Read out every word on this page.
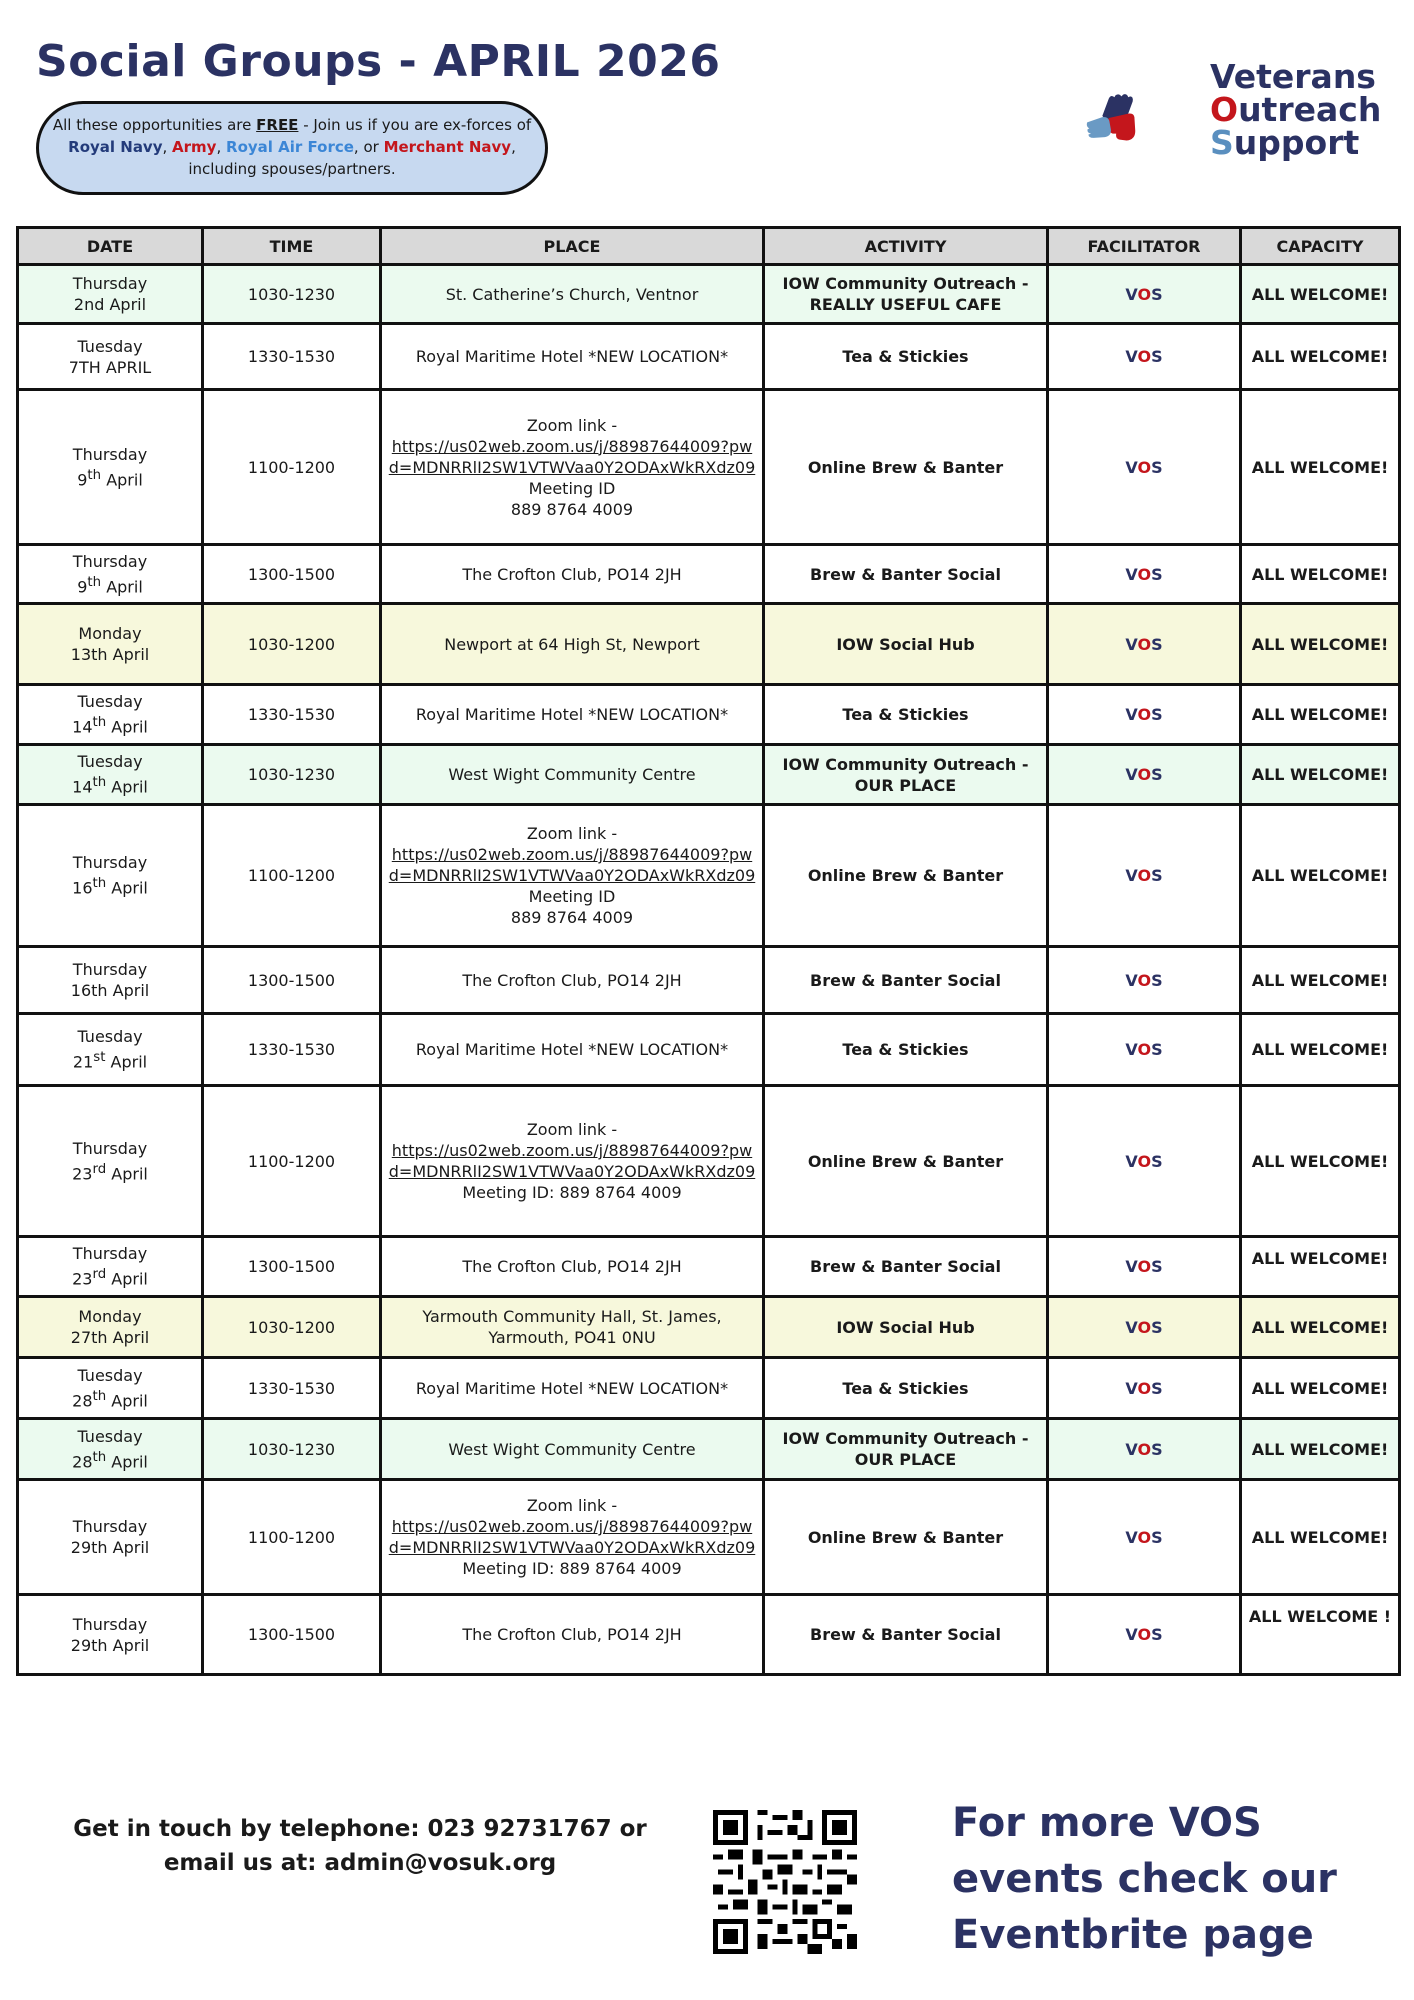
Social Groups - APRIL 2026
All these opportunities are FREE - Join us if you are ex-forces of
Royal Navy, Army, Royal Air Force, or Merchant Navy,
including spouses/partners.
Veterans
Outreach
Support
DATE	TIME	PLACE	ACTIVITY	FACILITATOR	CAPACITY
Thursday
2nd April	1030-1230	St. Catherine’s Church, Ventnor	IOW Community Outreach - REALLY USEFUL CAFE	VOS	ALL WELCOME!
Tuesday
7TH APRIL	1330-1530	Royal Maritime Hotel *NEW LOCATION*	Tea & Stickies	VOS	ALL WELCOME!
Thursday
9th April	1100-1200	Zoom link -
https://us02web.zoom.us/j/88987644009?pwd=MDNRRlI2SW1VTWVaa0Y2ODAxWkRXdz09
Meeting ID
889 8764 4009	Online Brew & Banter	VOS	ALL WELCOME!
Thursday
9th April	1300-1500	The Crofton Club, PO14 2JH	Brew & Banter Social	VOS	ALL WELCOME!
Monday
13th April	1030-1200	Newport at 64 High St, Newport	IOW Social Hub	VOS	ALL WELCOME!
Tuesday
14th April	1330-1530	Royal Maritime Hotel *NEW LOCATION*	Tea & Stickies	VOS	ALL WELCOME!
Tuesday
14th April	1030-1230	West Wight Community Centre	IOW Community Outreach - OUR PLACE	VOS	ALL WELCOME!
Thursday
16th April	1100-1200	Zoom link -
https://us02web.zoom.us/j/88987644009?pwd=MDNRRlI2SW1VTWVaa0Y2ODAxWkRXdz09
Meeting ID
889 8764 4009	Online Brew & Banter	VOS	ALL WELCOME!
Thursday
16th April	1300-1500	The Crofton Club, PO14 2JH	Brew & Banter Social	VOS	ALL WELCOME!
Tuesday
21st April	1330-1530	Royal Maritime Hotel *NEW LOCATION*	Tea & Stickies	VOS	ALL WELCOME!
Thursday
23rd April	1100-1200	Zoom link -
https://us02web.zoom.us/j/88987644009?pwd=MDNRRlI2SW1VTWVaa0Y2ODAxWkRXdz09
Meeting ID: 889 8764 4009	Online Brew & Banter	VOS	ALL WELCOME!
Thursday
23rd April	1300-1500	The Crofton Club, PO14 2JH	Brew & Banter Social	VOS	ALL WELCOME!
Monday
27th April	1030-1200	Yarmouth Community Hall, St. James, Yarmouth, PO41 0NU	IOW Social Hub	VOS	ALL WELCOME!
Tuesday
28th April	1330-1530	Royal Maritime Hotel *NEW LOCATION*	Tea & Stickies	VOS	ALL WELCOME!
Tuesday
28th April	1030-1230	West Wight Community Centre	IOW Community Outreach - OUR PLACE	VOS	ALL WELCOME!
Thursday
29th April	1100-1200	Zoom link -
https://us02web.zoom.us/j/88987644009?pwd=MDNRRlI2SW1VTWVaa0Y2ODAxWkRXdz09
Meeting ID: 889 8764 4009	Online Brew & Banter	VOS	ALL WELCOME!
Thursday
29th April	1300-1500	The Crofton Club, PO14 2JH	Brew & Banter Social	VOS	ALL WELCOME !
Get in touch by telephone: 023 92731767 or
email us at: admin@vosuk.org
For more VOS events check our Eventbrite page
